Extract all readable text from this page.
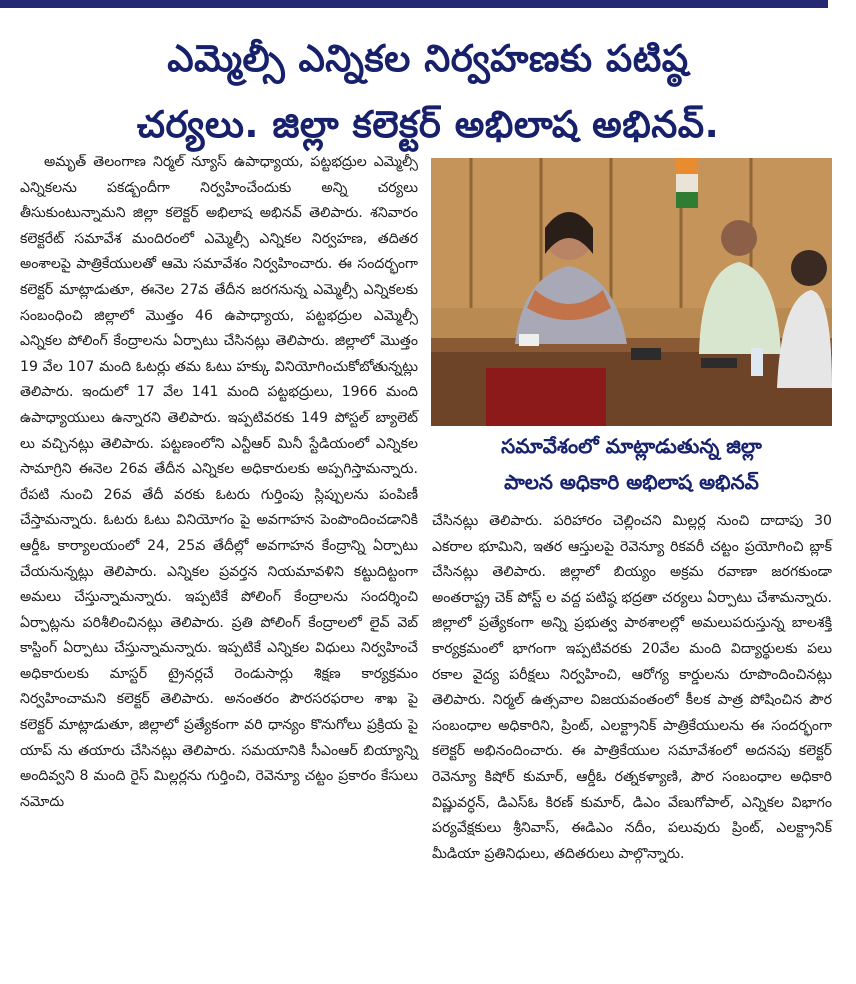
ఎమ్మెల్సీ ఎన్నికల నిర్వహణకు పటిష్ఠ
చర్యలు. జిల్లా కలెక్టర్ అభిలాష అభినవ్.

అమృత్ తెలంగాణ నిర్మల్ న్యూస్ ఉపాధ్యాయ, పట్టభద్రుల ఎమ్మెల్సీ ఎన్నికలను పకడ్బందీగా నిర్వహించేందుకు అన్ని చర్యలు తీసుకుంటున్నామని జిల్లా కలెక్టర్ అభిలాష అభినవ్ తెలిపారు. శనివారం కలెక్టరేట్ సమావేశ మందిరంలో ఎమ్మెల్సీ ఎన్నికల నిర్వహణ, తదితర అంశాలపై పాత్రికేయులతో ఆమె సమావేశం నిర్వహించారు. ఈ సందర్భంగా కలెక్టర్ మాట్లాడుతూ, ఈనెల 27వ తేదీన జరగనున్న ఎమ్మెల్సీ ఎన్నికలకు సంబంధించి జిల్లాలో మొత్తం 46 ఉపాధ్యాయ, పట్టభద్రుల ఎమ్మెల్సీ ఎన్నికల పోలింగ్ కేంద్రాలను ఏర్పాటు చేసినట్లు తెలిపారు. జిల్లాలో మొత్తం 19 వేల 107 మంది ఓటర్లు తమ ఓటు హక్కు వినియోగించుకోబోతున్నట్లు తెలిపారు. ఇందులో 17 వేల 141 మంది పట్టభద్రులు, 1966 మంది ఉపాధ్యాయులు ఉన్నారని తెలిపారు. ఇప్పటివరకు 149 పోస్టల్ బ్యాలెట్ లు వచ్చినట్లు తెలిపారు. పట్టణంలోని ఎన్టీఆర్ మినీ స్టేడియంలో ఎన్నికల సామాగ్రిని ఈనెల 26వ తేదీన ఎన్నికల అధికారులకు అప్పగిస్తామన్నారు. రేపటి నుంచి 26వ తేదీ వరకు ఓటరు గుర్తింపు స్లిప్పులను పంపిణీ చేస్తామన్నారు. ఓటరు ఓటు వినియోగం పై అవగాహన పెంపొందించడానికి ఆర్డీఓ కార్యాలయంలో 24, 25వ తేదీల్లో అవగాహన కేంద్రాన్ని ఏర్పాటు చేయనున్నట్లు తెలిపారు. ఎన్నికల ప్రవర్తన నియమావళిని కట్టుదిట్టంగా అమలు చేస్తున్నామన్నారు. ఇప్పటికే పోలింగ్ కేంద్రాలను సందర్శించి ఏర్పాట్లను పరిశీలించినట్లు తెలిపారు. ప్రతి పోలింగ్ కేంద్రాలలో లైవ్ వెబ్ కాస్టింగ్ ఏర్పాటు చేస్తున్నామన్నారు. ఇప్పటికే ఎన్నికల విధులు నిర్వహించే అధికారులకు మాస్టర్ ట్రైనర్లచే రెండుసార్లు శిక్షణ కార్యక్రమం నిర్వహించామని కలెక్టర్ తెలిపారు. అనంతరం పౌరసరఫరాల శాఖ పై కలెక్టర్ మాట్లాడుతూ, జిల్లాలో ప్రత్యేకంగా వరి ధాన్యం కొనుగోలు ప్రక్రియ పై యాప్ ను తయారు చేసినట్లు తెలిపారు. సమయానికి సీఎంఆర్ బియ్యాన్ని అందివ్వని 8 మంది రైస్ మిల్లర్లను గుర్తించి, రెవెన్యూ చట్టం ప్రకారం కేసులు నమోదు

సమావేశంలో మాట్లాడుతున్న జిల్లా
పాలన అధికారి అభిలాష అభినవ్

చేసినట్లు తెలిపారు. పరిహారం చెల్లించని మిల్లర్ల నుంచి దాదాపు 30 ఎకరాల భూమిని, ఇతర ఆస్తులపై రెవెన్యూ రికవరీ చట్టం ప్రయోగించి బ్లాక్ చేసినట్లు తెలిపారు. జిల్లాలో బియ్యం అక్రమ రవాణా జరగకుండా అంతరాష్ట్ర చెక్ పోస్ట్ ల వద్ద పటిష్ఠ భద్రతా చర్యలు ఏర్పాటు చేశామన్నారు. జిల్లాలో ప్రత్యేకంగా అన్ని ప్రభుత్వ పాఠశాలల్లో అమలుపరుస్తున్న బాలశక్తి కార్యక్రమంలో భాగంగా ఇప్పటివరకు 20వేల మంది విద్యార్థులకు పలు రకాల వైద్య పరీక్షలు నిర్వహించి, ఆరోగ్య కార్డులను రూపొందించినట్లు తెలిపారు. నిర్మల్ ఉత్సవాల విజయవంతంలో కీలక పాత్ర పోషించిన పౌర సంబంధాల అధికారిని, ప్రింట్, ఎలక్ట్రానిక్ పాత్రికేయులను ఈ సందర్భంగా కలెక్టర్ అభినందించారు. ఈ పాత్రికేయుల సమావేశంలో అదనపు కలెక్టర్ రెవెన్యూ కిషోర్ కుమార్, ఆర్డీఓ రత్నకళ్యాణి, పౌర సంబంధాల అధికారి విష్ణువర్ధన్, డిఎస్ఓ కిరణ్ కుమార్, డిఎం వేణుగోపాల్, ఎన్నికల విభాగం పర్యవేక్షకులు శ్రీనివాస్, ఈడిఎం నదీం, పలువురు ప్రింట్, ఎలక్ట్రానిక్ మీడియా ప్రతినిధులు, తదితరులు పాల్గొన్నారు.
